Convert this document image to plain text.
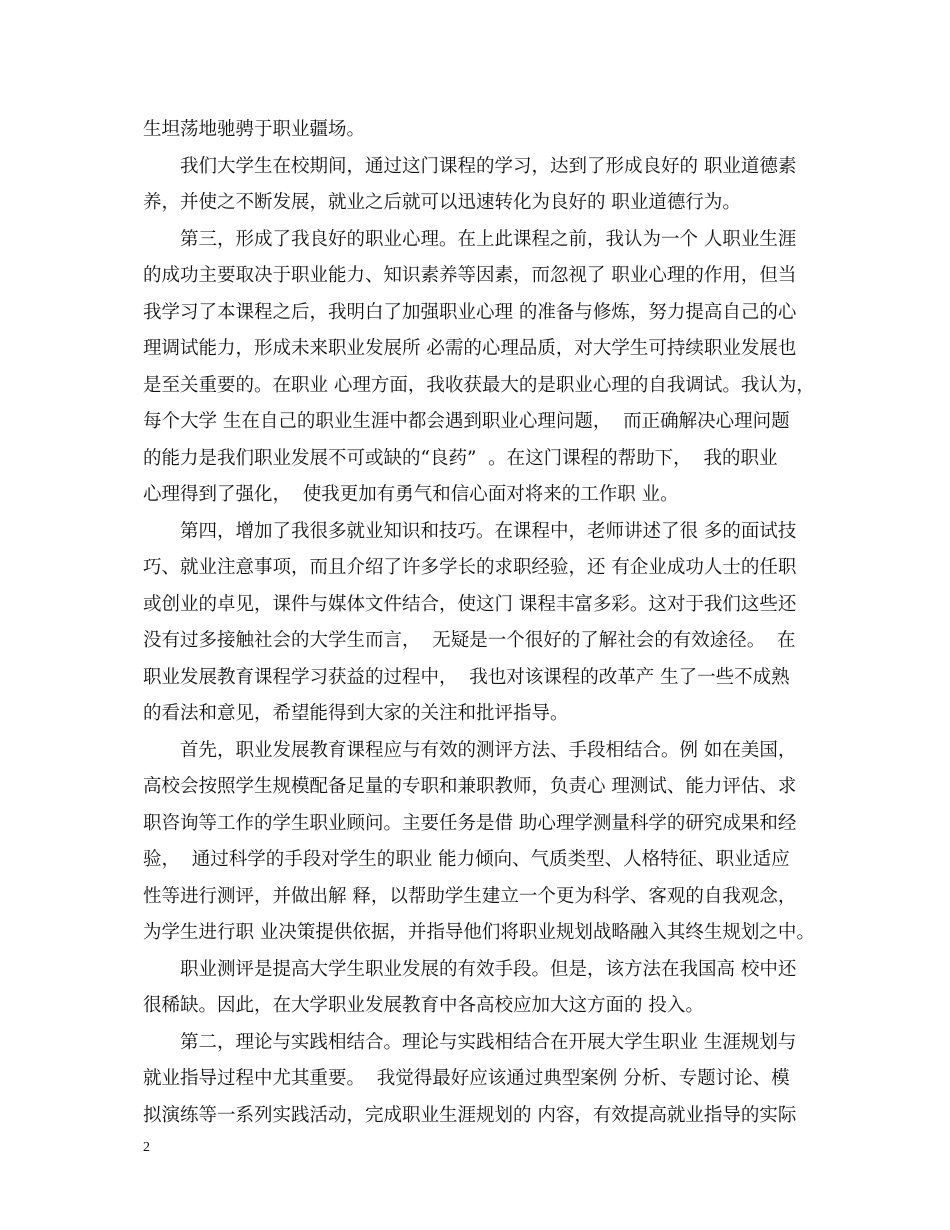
生坦荡地驰骋于职业疆场。
我们大学生在校期间，通过这门课程的学习，达到了形成良好的 职业道德素
养，并使之不断发展，就业之后就可以迅速转化为良好的 职业道德行为。
第三，形成了我良好的职业心理。在上此课程之前，我认为一个 人职业生涯
的成功主要取决于职业能力、知识素养等因素，而忽视了 职业心理的作用，但当
我学习了本课程之后，我明白了加强职业心理 的准备与修炼，努力提高自己的心
理调试能力，形成未来职业发展所 必需的心理品质，对大学生可持续职业发展也
是至关重要的。在职业 心理方面，我收获最大的是职业心理的自我调试。我认为，
每个大学 生在自己的职业生涯中都会遇到职业心理问题，  而正确解决心理问题
的能力是我们职业发展不可或缺的“良药”  。在这门课程的帮助下，  我的职业
心理得到了强化，  使我更加有勇气和信心面对将来的工作职 业。
第四，增加了我很多就业知识和技巧。在课程中，老师讲述了很 多的面试技
巧、就业注意事项，而且介绍了许多学长的求职经验，还 有企业成功人士的任职
或创业的卓见，课件与媒体文件结合，使这门 课程丰富多彩。这对于我们这些还
没有过多接触社会的大学生而言，  无疑是一个很好的了解社会的有效途径。  在
职业发展教育课程学习获益的过程中，  我也对该课程的改革产 生了一些不成熟
的看法和意见，希望能得到大家的关注和批评指导。
首先，职业发展教育课程应与有效的测评方法、手段相结合。例 如在美国，
高校会按照学生规模配备足量的专职和兼职教师，负责心 理测试、能力评估、求
职咨询等工作的学生职业顾问。主要任务是借 助心理学测量科学的研究成果和经
验，  通过科学的手段对学生的职业 能力倾向、气质类型、人格特征、职业适应
性等进行测评，并做出解 释，以帮助学生建立一个更为科学、客观的自我观念，
为学生进行职 业决策提供依据，并指导他们将职业规划战略融入其终生规划之中。
职业测评是提高大学生职业发展的有效手段。但是，该方法在我国高 校中还
很稀缺。因此，在大学职业发展教育中各高校应加大这方面的 投入。
第二，理论与实践相结合。理论与实践相结合在开展大学生职业 生涯规划与
就业指导过程中尤其重要。  我觉得最好应该通过典型案例 分析、专题讨论、模
拟演练等一系列实践活动，完成职业生涯规划的 内容，有效提高就业指导的实际
2
